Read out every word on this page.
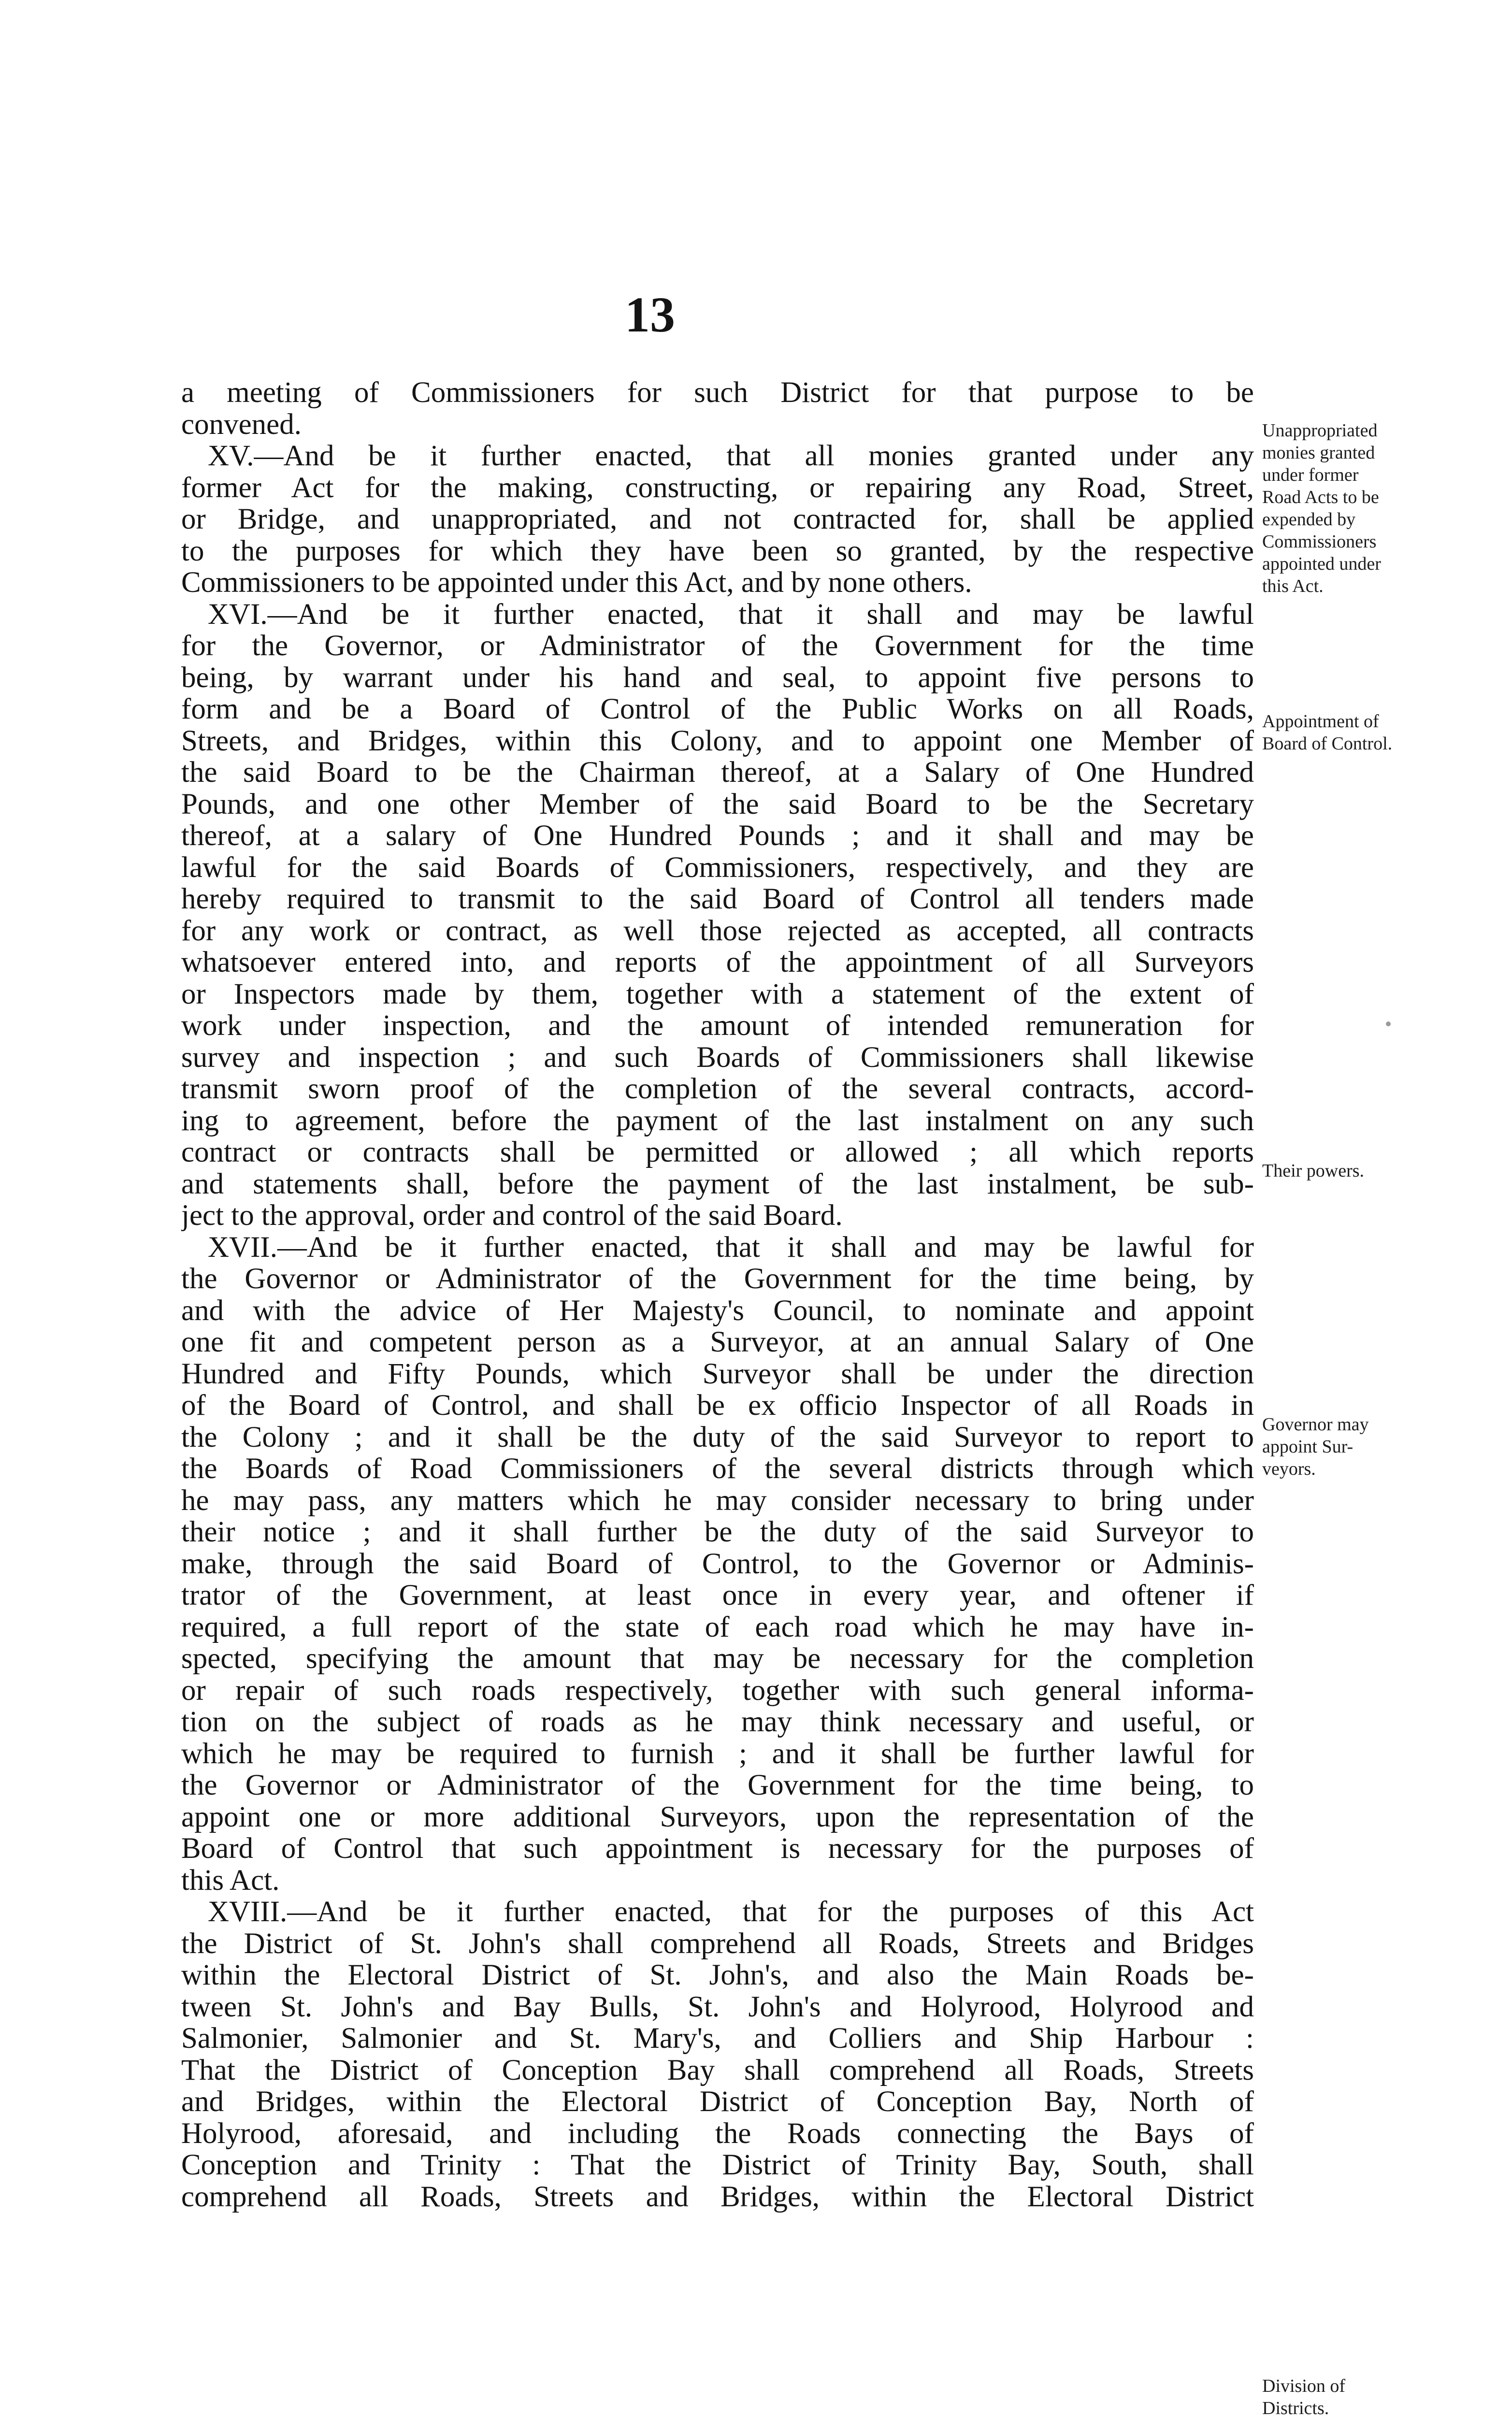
13
a meeting of Commissioners for such District for that purpose to be
convened.
XV.—And be it further enacted, that all monies granted under any
former Act for the making, constructing, or repairing any Road, Street,
or Bridge, and unappropriated, and not contracted for, shall be applied
to the purposes for which they have been so granted, by the respective
Commissioners to be appointed under this Act, and by none others.
XVI.—And be it further enacted, that it shall and may be lawful
for the Governor, or Administrator of the Government for the time
being, by warrant under his hand and seal, to appoint five persons to
form and be a Board of Control of the Public Works on all Roads,
Streets, and Bridges, within this Colony, and to appoint one Member of
the said Board to be the Chairman thereof, at a Salary of One Hundred
Pounds, and one other Member of the said Board to be the Secretary
thereof, at a salary of One Hundred Pounds ; and it shall and may be
lawful for the said Boards of Commissioners, respectively, and they are
hereby required to transmit to the said Board of Control all tenders made
for any work or contract, as well those rejected as accepted, all contracts
whatsoever entered into, and reports of the appointment of all Surveyors
or Inspectors made by them, together with a statement of the extent of
work under inspection, and the amount of intended remuneration for
survey and inspection ; and such Boards of Commissioners shall likewise
transmit sworn proof of the completion of the several contracts, accord-
ing to agreement, before the payment of the last instalment on any such
contract or contracts shall be permitted or allowed ; all which reports
and statements shall, before the payment of the last instalment, be sub-
ject to the approval, order and control of the said Board.
XVII.—And be it further enacted, that it shall and may be lawful for
the Governor or Administrator of the Government for the time being, by
and with the advice of Her Majesty's Council, to nominate and appoint
one fit and competent person as a Surveyor, at an annual Salary of One
Hundred and Fifty Pounds, which Surveyor shall be under the direction
of the Board of Control, and shall be ex officio Inspector of all Roads in
the Colony ; and it shall be the duty of the said Surveyor to report to
the Boards of Road Commissioners of the several districts through which
he may pass, any matters which he may consider necessary to bring under
their notice ; and it shall further be the duty of the said Surveyor to
make, through the said Board of Control, to the Governor or Adminis-
trator of the Government, at least once in every year, and oftener if
required, a full report of the state of each road which he may have in-
spected, specifying the amount that may be necessary for the completion
or repair of such roads respectively, together with such general informa-
tion on the subject of roads as he may think necessary and useful, or
which he may be required to furnish ; and it shall be further lawful for
the Governor or Administrator of the Government for the time being, to
appoint one or more additional Surveyors, upon the representation of the
Board of Control that such appointment is necessary for the purposes of
this Act.
XVIII.—And be it further enacted, that for the purposes of this Act
the District of St. John's shall comprehend all Roads, Streets and Bridges
within the Electoral District of St. John's, and also the Main Roads be-
tween St. John's and Bay Bulls, St. John's and Holyrood, Holyrood and
Salmonier, Salmonier and St. Mary's, and Colliers and Ship Harbour :
That the District of Conception Bay shall comprehend all Roads, Streets
and Bridges, within the Electoral District of Conception Bay, North of
Holyrood, aforesaid, and including the Roads connecting the Bays of
Conception and Trinity : That the District of Trinity Bay, South, shall
comprehend all Roads, Streets and Bridges, within the Electoral District
Unappropriated
monies granted
under former
Road Acts to be
expended by
Commissioners
appointed under
this Act.
Appointment of
Board of Control.
Their powers.
Governor may
appoint Sur-
veyors.
Division of
Districts.
